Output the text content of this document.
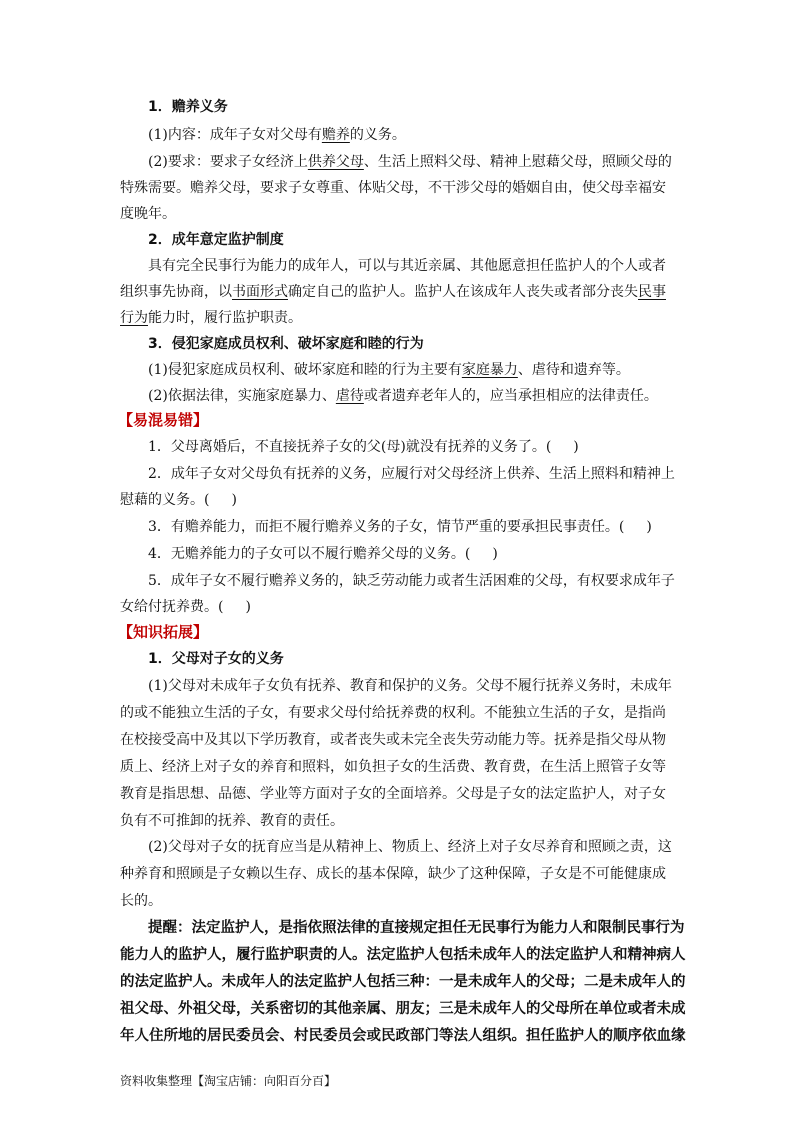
1．赡养义务
(1)内容：成年子女对父母有赡养的义务。
(2)要求：要求子女经济上供养父母、生活上照料父母、精神上慰藉父母，照顾父母的
特殊需要。赡养父母，要求子女尊重、体贴父母，不干涉父母的婚姻自由，使父母幸福安
度晚年。
2．成年意定监护制度
具有完全民事行为能力的成年人，可以与其近亲属、其他愿意担任监护人的个人或者
组织事先协商，以书面形式确定自己的监护人。监护人在该成年人丧失或者部分丧失民事
行为能力时，履行监护职责。
3．侵犯家庭成员权利、破坏家庭和睦的行为
(1)侵犯家庭成员权利、破坏家庭和睦的行为主要有家庭暴力、虐待和遗弃等。
(2)依据法律，实施家庭暴力、虐待或者遗弃老年人的，应当承担相应的法律责任。
【易混易错】
1．父母离婚后，不直接抚养子女的父(母)就没有抚养的义务了。( )
2．成年子女对父母负有抚养的义务，应履行对父母经济上供养、生活上照料和精神上
慰藉的义务。( )
3．有赡养能力，而拒不履行赡养义务的子女，情节严重的要承担民事责任。( )
4．无赡养能力的子女可以不履行赡养父母的义务。( )
5．成年子女不履行赡养义务的，缺乏劳动能力或者生活困难的父母，有权要求成年子
女给付抚养费。( )
【知识拓展】
1．父母对子女的义务
(1)父母对未成年子女负有抚养、教育和保护的义务。父母不履行抚养义务时，未成年
的或不能独立生活的子女，有要求父母付给抚养费的权利。不能独立生活的子女，是指尚
在校接受高中及其以下学历教育，或者丧失或未完全丧失劳动能力等。抚养是指父母从物
质上、经济上对子女的养育和照料，如负担子女的生活费、教育费，在生活上照管子女等
教育是指思想、品德、学业等方面对子女的全面培养。父母是子女的法定监护人，对子女
负有不可推卸的抚养、教育的责任。
(2)父母对子女的抚育应当是从精神上、物质上、经济上对子女尽养育和照顾之责，这
种养育和照顾是子女赖以生存、成长的基本保障，缺少了这种保障，子女是不可能健康成
长的。
提醒：法定监护人，是指依照法律的直接规定担任无民事行为能力人和限制民事行为
能力人的监护人，履行监护职责的人。法定监护人包括未成年人的法定监护人和精神病人
的法定监护人。未成年人的法定监护人包括三种：一是未成年人的父母；二是未成年人的
祖父母、外祖父母，关系密切的其他亲属、朋友；三是未成年人的父母所在单位或者未成
年人住所地的居民委员会、村民委员会或民政部门等法人组织。担任监护人的顺序依血缘
资料收集整理【淘宝店铺：向阳百分百】
